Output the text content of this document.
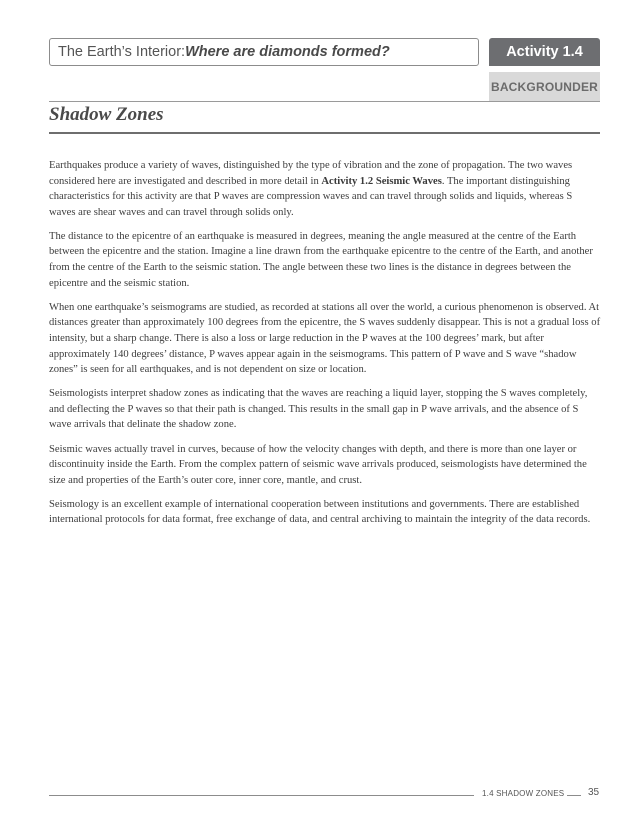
The Earth’s Interior: Where are diamonds formed?	Activity 1.4
BACKGROUNDER
Shadow Zones

Earthquakes produce a variety of waves, distinguished by the type of vibration and the zone of propagation. The two waves considered here are investigated and described in more detail in Activity 1.2 Seismic Waves. The important distinguishing characteristics for this activity are that P waves are compression waves and can travel through solids and liquids, whereas S waves are shear waves and can travel through solids only.

The distance to the epicentre of an earthquake is measured in degrees, meaning the angle measured at the centre of the Earth between the epicentre and the station. Imagine a line drawn from the earthquake epicentre to the centre of the Earth, and another from the centre of the Earth to the seismic station. The angle between these two lines is the distance in degrees between the epicentre and the seismic station.

When one earthquake’s seismograms are studied, as recorded at stations all over the world, a curious phenomenon is observed. At distances greater than approximately 100 degrees from the epicentre, the S waves suddenly disappear. This is not a gradual loss of intensity, but a sharp change. There is also a loss or large reduction in the P waves at the 100 degrees’ mark, but after approximately 140 degrees’ distance, P waves appear again in the seismograms. This pattern of P wave and S wave “shadow zones” is seen for all earthquakes, and is not dependent on size or location.

Seismologists interpret shadow zones as indicating that the waves are reaching a liquid layer, stopping the S waves completely, and deflecting the P waves so that their path is changed. This results in the small gap in P wave arrivals, and the absence of S wave arrivals that delinate the shadow zone.

Seismic waves actually travel in curves, because of how the velocity changes with depth, and there is more than one layer or discontinuity inside the Earth. From the complex pattern of seismic wave arrivals produced, seismologists have determined the size and properties of the Earth’s outer core, inner core, mantle, and crust.

Seismology is an excellent example of international cooperation between institutions and governments. There are established international protocols for data format, free exchange of data, and central archiving to maintain the integrity of the data records.

1.4 SHADOW ZONES 35
